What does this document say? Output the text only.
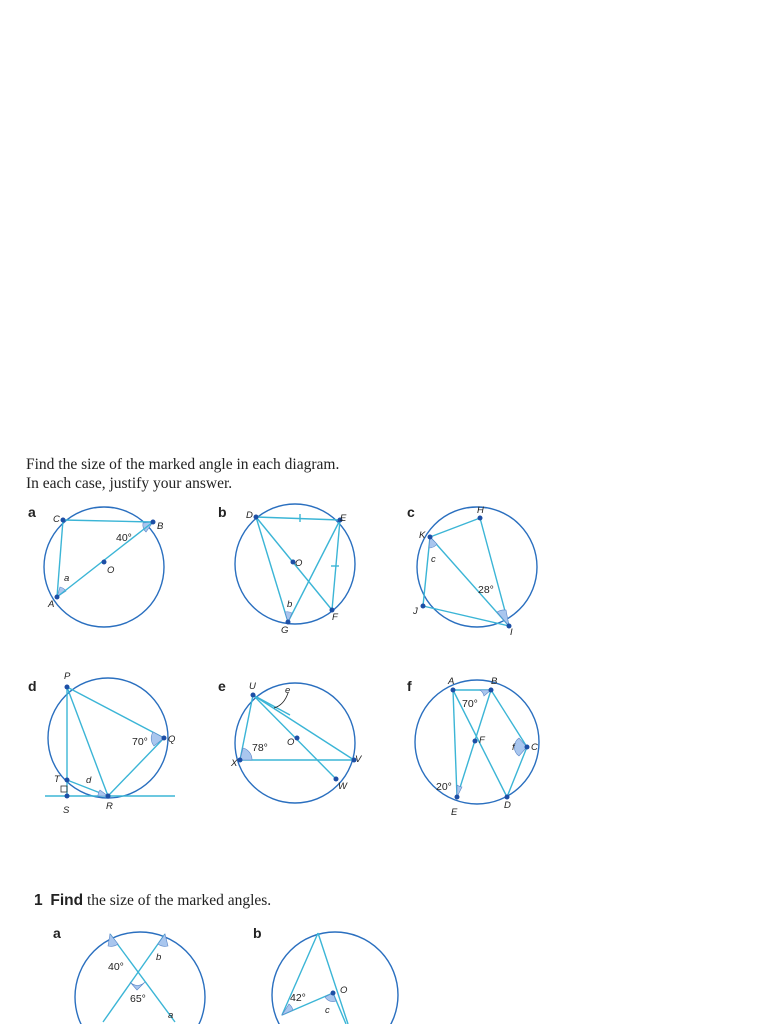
Find the size of the marked angle in each diagram.
In each case, justify your answer.
a C
B
O
A
40°
a
b D	E
O
G
F
b
c
K
H
J
I
28°
c
d
P
Q
T
S	R
70°
d
e U
X
O
V
W
78°
e	f	A	B
F
C
E
D
70°
20°
f
1 Find the size of the marked angles.
a
40°
65°
b
a
b
42°
O
c
